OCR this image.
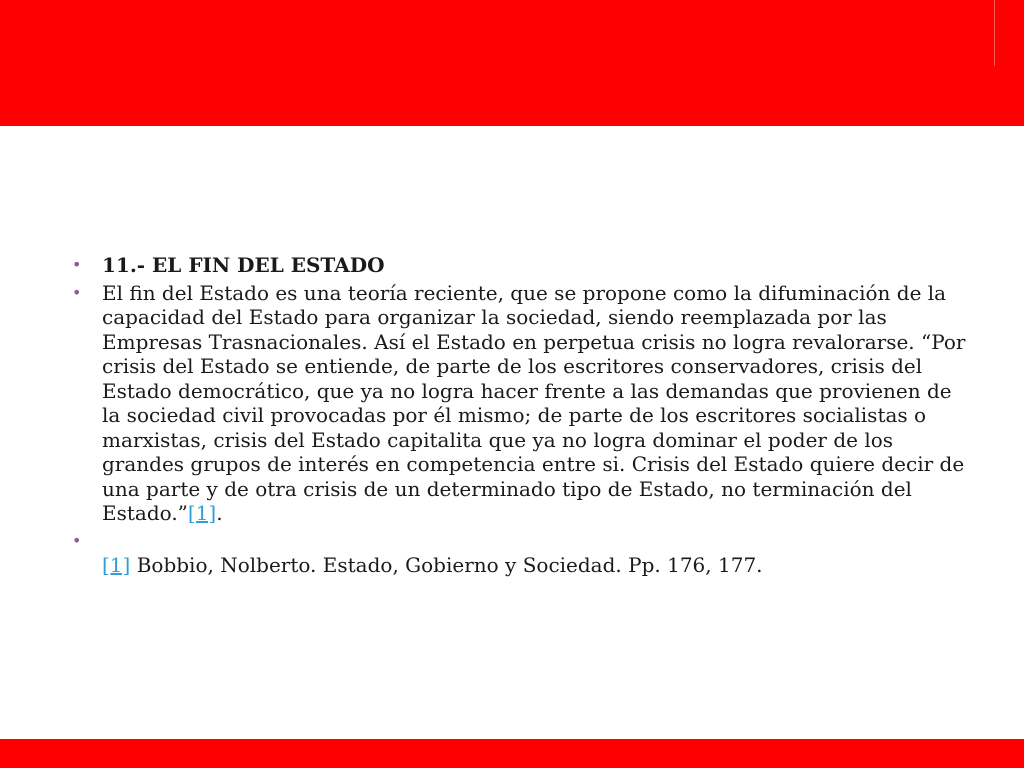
•	11.- EL FIN DEL ESTADO
•	El fin del Estado es una teoría reciente, que se propone como la difuminación de la capacidad del Estado para organizar la sociedad, siendo reemplazada por las Empresas Trasnacionales. Así el Estado en perpetua crisis no logra revalorarse. “Por crisis del Estado se entiende, de parte de los escritores conservadores, crisis del Estado democrático, que ya no logra hacer frente a las demandas que provienen de la sociedad civil provocadas por él mismo; de parte de los escritores socialistas o marxistas, crisis del Estado capitalita que ya no logra dominar el poder de los grandes grupos de interés en competencia entre si. Crisis del Estado quiere decir de una parte y de otra crisis de un determinado tipo de Estado, no terminación del Estado.”[1].
•

[1] Bobbio, Nolberto. Estado, Gobierno y Sociedad. Pp. 176, 177.
